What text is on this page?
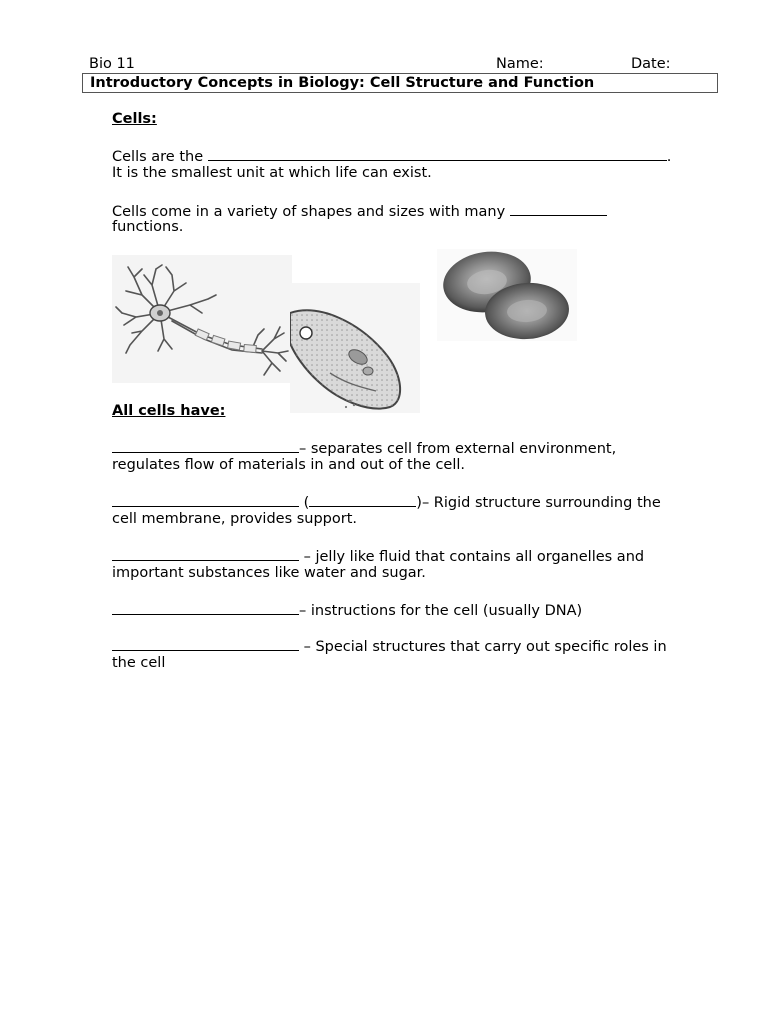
Bio 11	Name:	Date:
Introductory Concepts in Biology: Cell Structure and Function
Cells:
Cells are the	.
It is the smallest unit at which life can exist.
Cells come in a variety of shapes and sizes with many
functions.
All cells have:
– separates cell from external environment,
regulates flow of materials in and out of the cell.
(	)– Rigid structure surrounding the
cell membrane, provides support.
– jelly like fluid that contains all organelles and
important substances like water and sugar.
– instructions for the cell (usually DNA)
– Special structures that carry out specific roles in
the cell
